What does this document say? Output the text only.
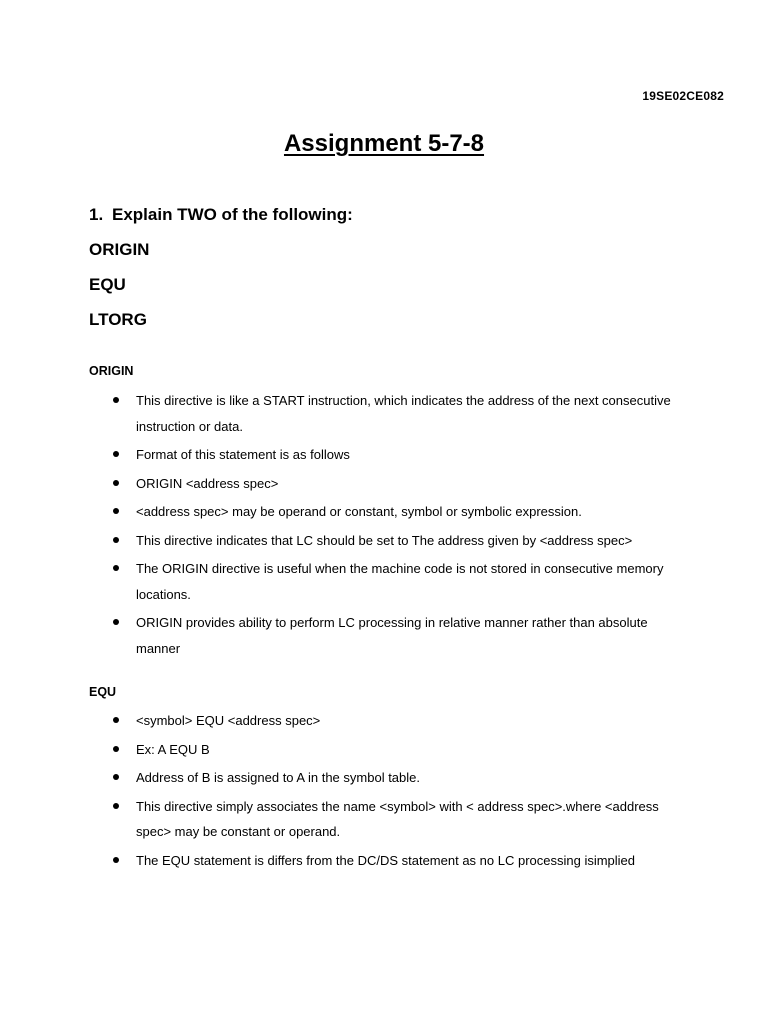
19SE02CE082
Assignment 5-7-8
1. Explain TWO of the following:
ORIGIN
EQU
LTORG
ORIGIN
This directive is like a START instruction, which indicates the address of the next consecutive instruction or data.
Format of this statement is as follows
ORIGIN <address spec>
<address spec> may be operand or constant, symbol or symbolic expression.
This directive indicates that LC should be set to The address given by <address spec>
The ORIGIN directive is useful when the machine code is not stored in consecutive memory locations.
ORIGIN provides ability to perform LC processing in relative manner rather than absolute manner
EQU
<symbol> EQU <address spec>
Ex: A EQU B
Address of B is assigned to A in the symbol table.
This directive simply associates the name <symbol> with < address spec>.where <address spec> may be constant or operand.
The EQU statement is differs from the DC/DS statement as no LC processing isimplied
